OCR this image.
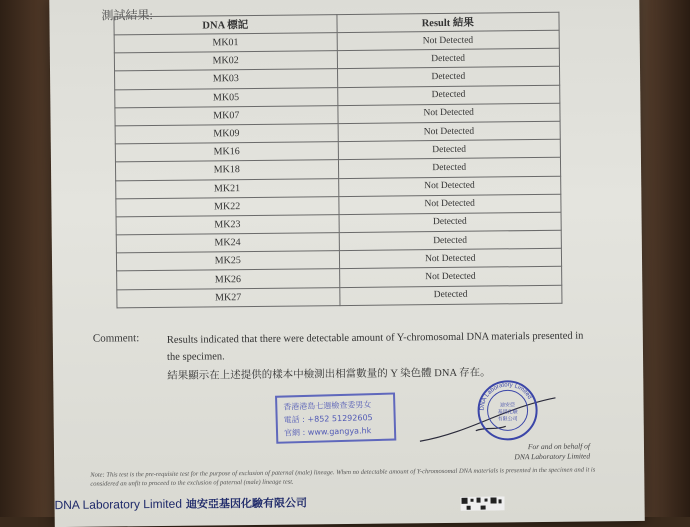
測試結果:
DNA 標記	Result 結果
MK01	Not Detected
MK02	Detected
MK03	Detected
MK05	Detected
MK07	Not Detected
MK09	Not Detected
MK16	Detected
MK18	Detected
MK21	Not Detected
MK22	Not Detected
MK23	Detected
MK24	Detected
MK25	Not Detected
MK26	Not Detected
MK27	Detected
Comment:	Results indicated that there were detectable amount of Y-chromosomal DNA materials presented in the specimen.
結果顯示在上述提供的樣本中檢測出相當數量的 Y 染色體 DNA 存在。
香港港島七週檢查委男女
電話 : +852 51292605
官網 : www.gangya.hk
DNA Laboratory Limited
迪安亞
基因化驗
有限公司
For and on behalf of
DNA Laboratory Limited
Note: This test is the pre-requisite test for the purpose of exclusion of paternal (male) lineage. When no detectable amount of Y-chromosomal DNA materials is presented in the specimen and it is considered an unfit to proceed to the exclusion of paternal (male) lineage test.
DNA Laboratory Limited 迪安亞基因化驗有限公司
